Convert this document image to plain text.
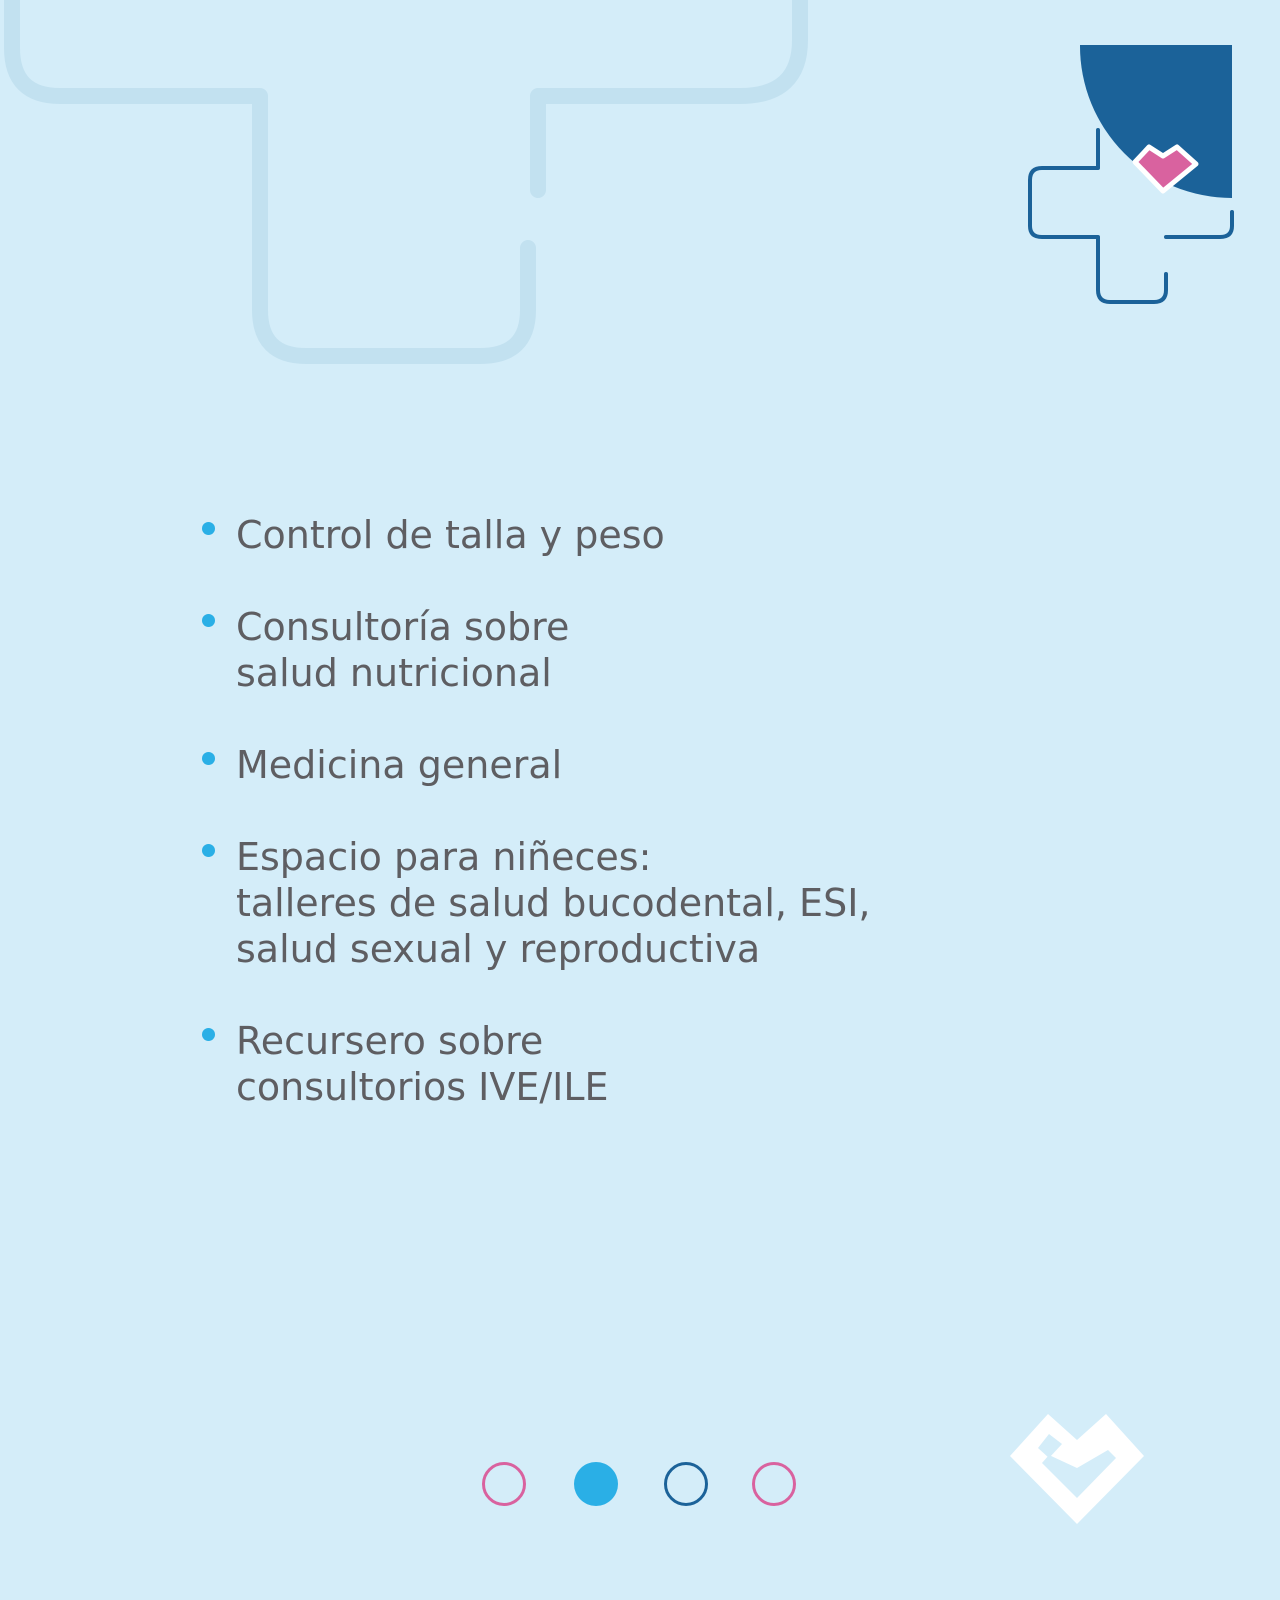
Control de talla y peso
Consultoría sobre
salud nutricional
Medicina general
Espacio para niñeces:
talleres de salud bucodental, ESI,
salud sexual y reproductiva
Recursero sobre
consultorios IVE/ILE
